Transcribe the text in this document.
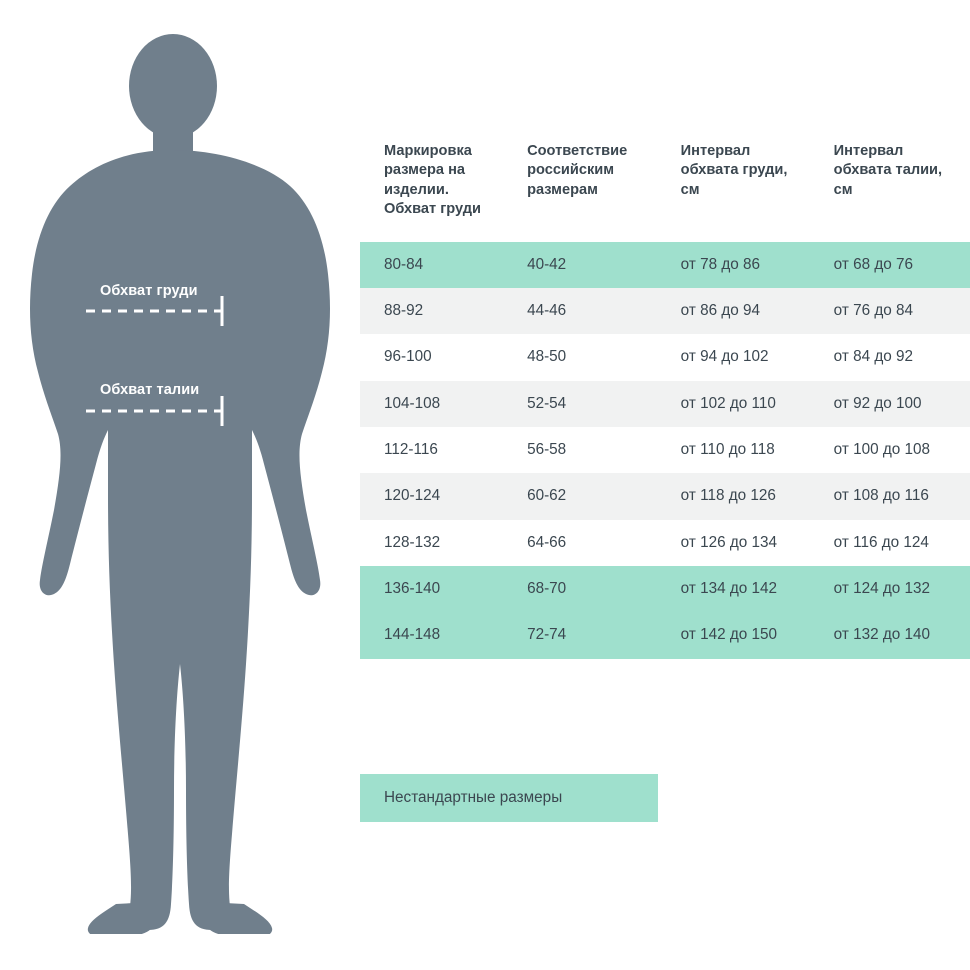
Обхват груди
Обхват талии
Маркировка размера на изделии. Обхват груди	Соответствие российским размерам	Интервал обхвата груди, см	Интервал обхвата талии, см
80-84	40-42	от 78 до 86	от 68 до 76
88-92	44-46	от 86 до 94	от 76 до 84
96-100	48-50	от 94 до 102	от 84 до 92
104-108	52-54	от 102 до 110	от 92 до 100
112-116	56-58	от 110 до 118	от 100 до 108
120-124	60-62	от 118 до 126	от 108 до 116
128-132	64-66	от 126 до 134	от 116 до 124
136-140	68-70	от 134 до 142	от 124 до 132
144-148	72-74	от 142 до 150	от 132 до 140
Нестандартные размеры
